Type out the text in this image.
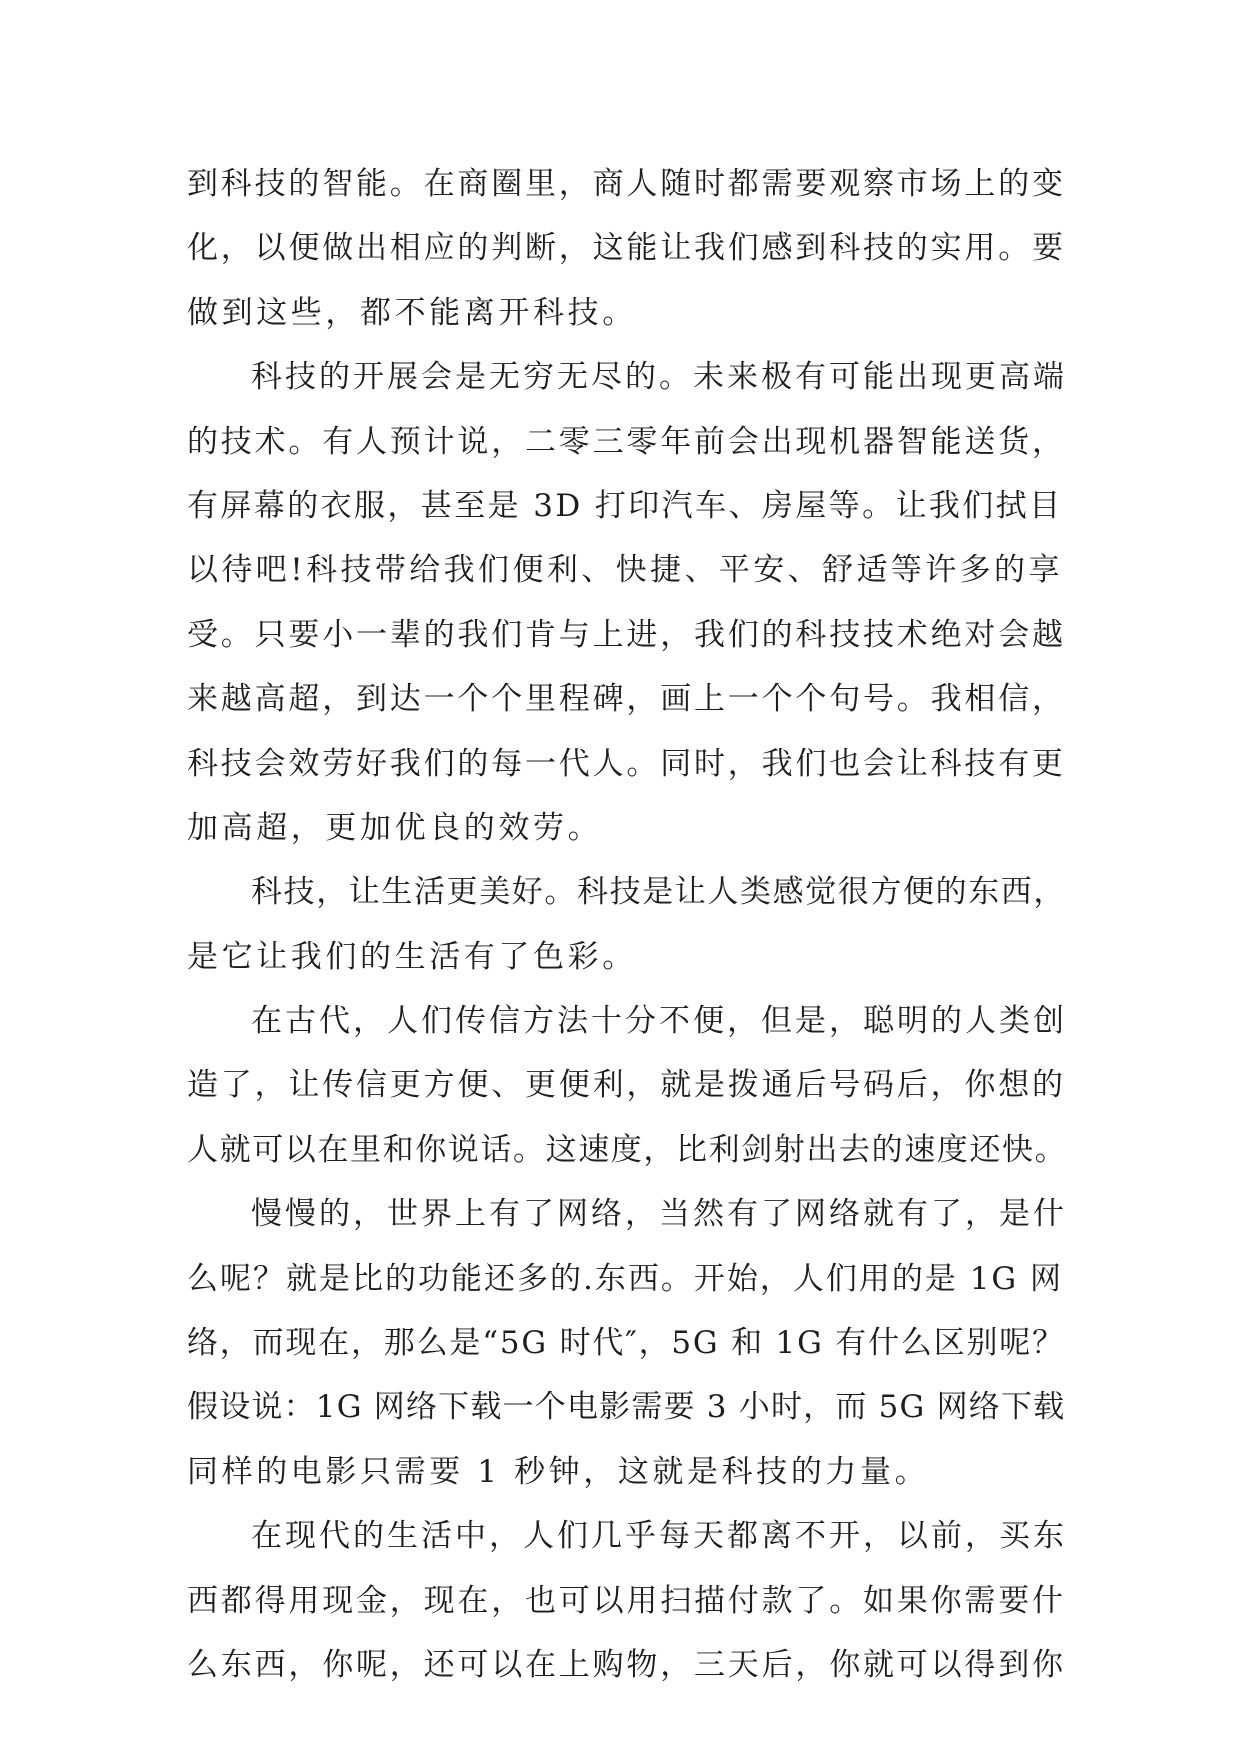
到科技的智能。在商圈里，商人随时都需要观察市场上的变
化，以便做出相应的判断，这能让我们感到科技的实用。要
做到这些，都不能离开科技。
科技的开展会是无穷无尽的。未来极有可能出现更高端
的技术。有人预计说，二零三零年前会出现机器智能送货，
有屏幕的衣服，甚至是 3D 打印汽车、房屋等。让我们拭目
以待吧!科技带给我们便利、快捷、平安、舒适等许多的享
受。只要小一辈的我们肯与上进，我们的科技技术绝对会越
来越高超，到达一个个里程碑，画上一个个句号。我相信，
科技会效劳好我们的每一代人。同时，我们也会让科技有更
加高超，更加优良的效劳。
科技，让生活更美好。科技是让人类感觉很方便的东西，
是它让我们的生活有了色彩。
在古代，人们传信方法十分不便，但是，聪明的人类创
造了，让传信更方便、更便利，就是拨通后号码后，你想的
人就可以在里和你说话。这速度，比利剑射出去的速度还快。
慢慢的，世界上有了网络，当然有了网络就有了，是什
么呢？就是比的功能还多的.东西。开始，人们用的是 1G 网
络，而现在，那么是“5G 时代″，5G 和 1G 有什么区别呢？
假设说：1G 网络下载一个电影需要 3 小时，而 5G 网络下载
同样的电影只需要 1 秒钟，这就是科技的力量。
在现代的生活中，人们几乎每天都离不开，以前，买东
西都得用现金，现在，也可以用扫描付款了。如果你需要什
么东西，你呢，还可以在上购物，三天后，你就可以得到你
